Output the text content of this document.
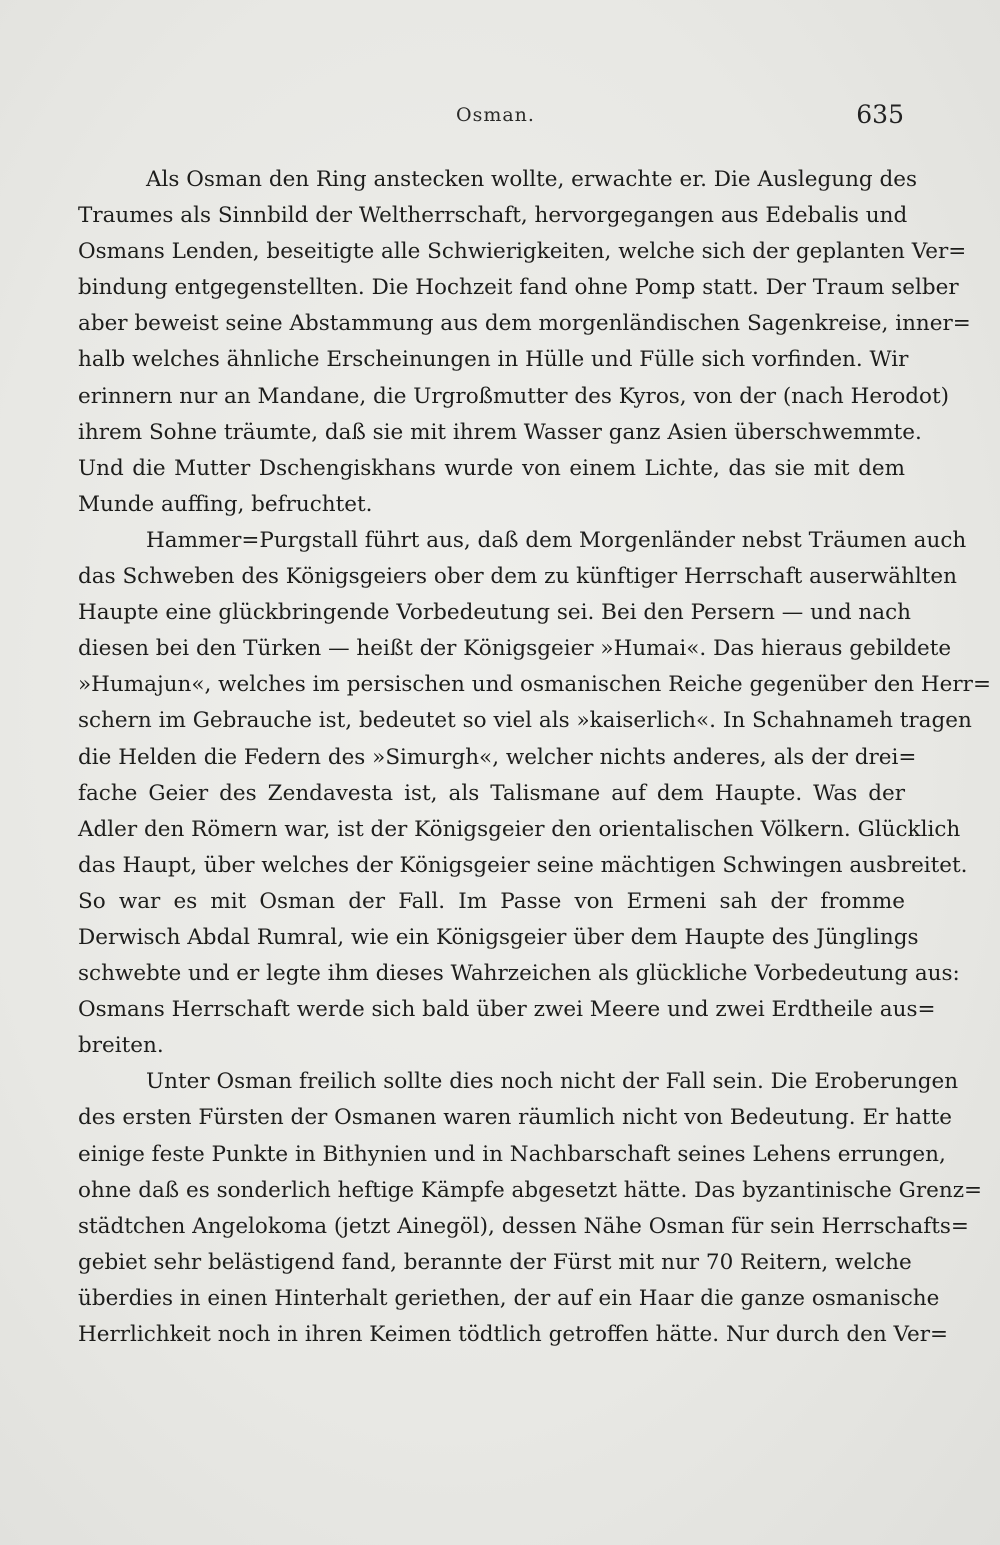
Osman.	635
Als Osman den Ring anstecken wollte, erwachte er. Die Auslegung des
Traumes als Sinnbild der Weltherrschaft, hervorgegangen aus Edebalis und
Osmans Lenden, beseitigte alle Schwierigkeiten, welche sich der geplanten Ver=
bindung entgegenstellten. Die Hochzeit fand ohne Pomp statt. Der Traum selber
aber beweist seine Abstammung aus dem morgenländischen Sagenkreise, inner=
halb welches ähnliche Erscheinungen in Hülle und Fülle sich vorfinden. Wir
erinnern nur an Mandane, die Urgroßmutter des Kyros, von der (nach Herodot)
ihrem Sohne träumte, daß sie mit ihrem Wasser ganz Asien überschwemmte.
Und die Mutter Dschengiskhans wurde von einem Lichte, das sie mit dem
Munde auffing, befruchtet.
Hammer=Purgstall führt aus, daß dem Morgenländer nebst Träumen auch
das Schweben des Königsgeiers ober dem zu künftiger Herrschaft auserwählten
Haupte eine glückbringende Vorbedeutung sei. Bei den Persern — und nach
diesen bei den Türken — heißt der Königsgeier »Humai«. Das hieraus gebildete
»Humajun«, welches im persischen und osmanischen Reiche gegenüber den Herr=
schern im Gebrauche ist, bedeutet so viel als »kaiserlich«. In Schahnameh tragen
die Helden die Federn des »Simurgh«, welcher nichts anderes, als der drei=
fache Geier des Zendavesta ist, als Talismane auf dem Haupte. Was der
Adler den Römern war, ist der Königsgeier den orientalischen Völkern. Glücklich
das Haupt, über welches der Königsgeier seine mächtigen Schwingen ausbreitet.
So war es mit Osman der Fall. Im Passe von Ermeni sah der fromme
Derwisch Abdal Rumral, wie ein Königsgeier über dem Haupte des Jünglings
schwebte und er legte ihm dieses Wahrzeichen als glückliche Vorbedeutung aus:
Osmans Herrschaft werde sich bald über zwei Meere und zwei Erdtheile aus=
breiten.
Unter Osman freilich sollte dies noch nicht der Fall sein. Die Eroberungen
des ersten Fürsten der Osmanen waren räumlich nicht von Bedeutung. Er hatte
einige feste Punkte in Bithynien und in Nachbarschaft seines Lehens errungen,
ohne daß es sonderlich heftige Kämpfe abgesetzt hätte. Das byzantinische Grenz=
städtchen Angelokoma (jetzt Ainegöl), dessen Nähe Osman für sein Herrschafts=
gebiet sehr belästigend fand, berannte der Fürst mit nur 70 Reitern, welche
überdies in einen Hinterhalt geriethen, der auf ein Haar die ganze osmanische
Herrlichkeit noch in ihren Keimen tödtlich getroffen hätte. Nur durch den Ver=
